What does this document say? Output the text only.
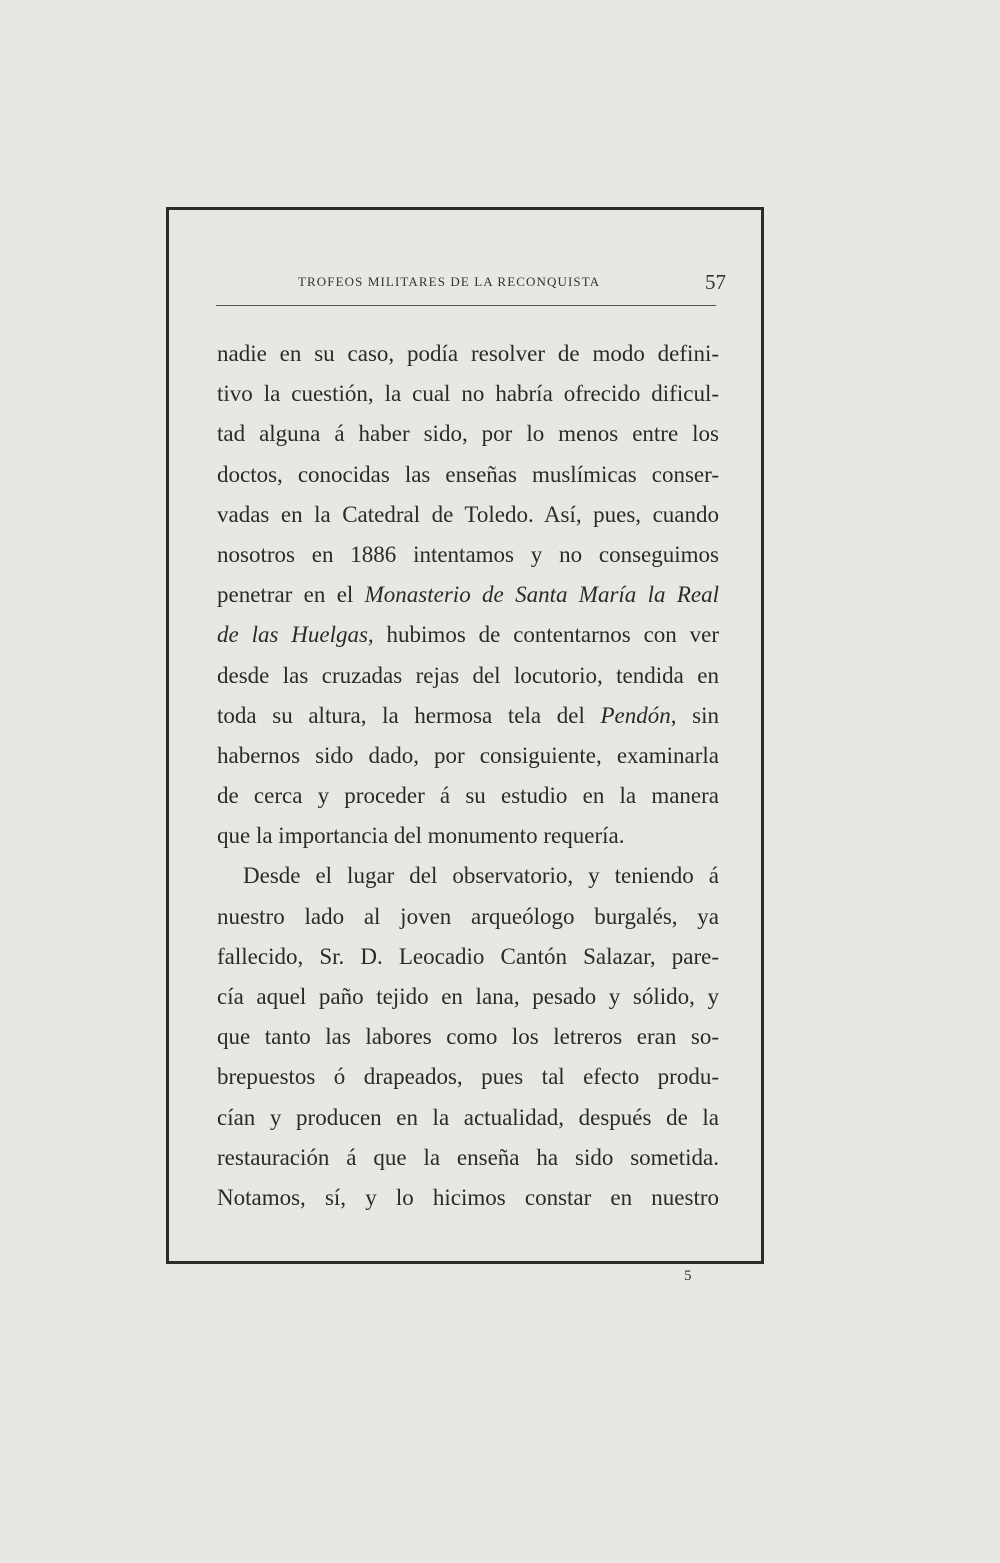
TROFEOS MILITARES DE LA RECONQUISTA	57
nadie en su caso, podía resolver de modo defini-
tivo la cuestión, la cual no habría ofrecido dificul-
tad alguna á haber sido, por lo menos entre los
doctos, conocidas las enseñas muslímicas conser-
vadas en la Catedral de Toledo. Así, pues, cuando
nosotros en 1886 intentamos y no conseguimos
penetrar en el Monasterio de Santa María la Real
de las Huelgas, hubimos de contentarnos con ver
desde las cruzadas rejas del locutorio, tendida en
toda su altura, la hermosa tela del Pendón, sin
habernos sido dado, por consiguiente, examinarla
de cerca y proceder á su estudio en la manera
que la importancia del monumento requería.
Desde el lugar del observatorio, y teniendo á
nuestro lado al joven arqueólogo burgalés, ya
fallecido, Sr. D. Leocadio Cantón Salazar, pare-
cía aquel paño tejido en lana, pesado y sólido, y
que tanto las labores como los letreros eran so-
brepuestos ó drapeados, pues tal efecto produ-
cían y producen en la actualidad, después de la
restauración á que la enseña ha sido sometida.
Notamos, sí, y lo hicimos constar en nuestro
5
